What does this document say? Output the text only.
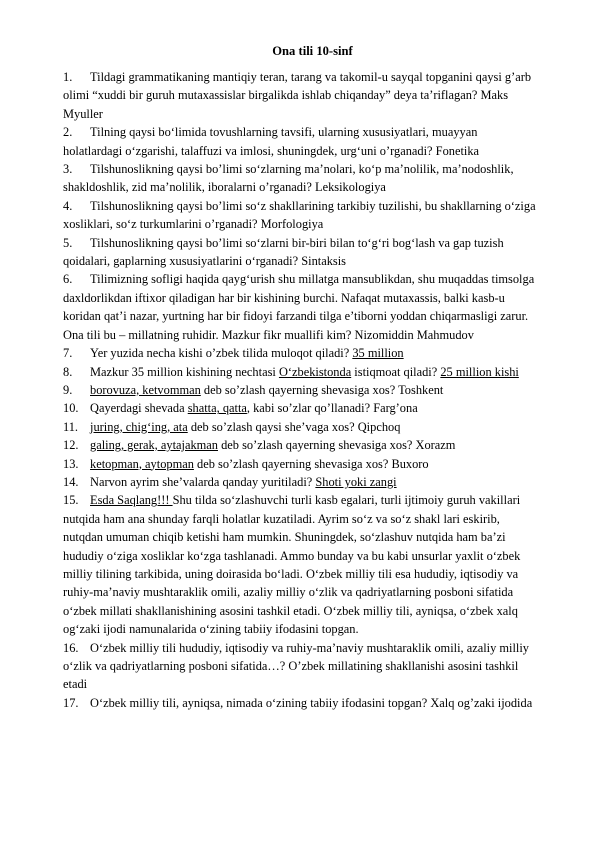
Ona tili 10-sinf
1. Tildagi grammatikaning mantiqiy teran, tarang va takomil-u sayqal topganini qaysi g’arb olimi “xuddi bir guruh mutaxassislar birgalikda ishlab chiqanday” deya ta’riflagan? Maks Myuller
2. Tilning qaysi bo‘limida tovushlarning tavsifi, ularning xususiyatlari, muayyan holatlardagi o‘zgarishi, talaffuzi va imlosi, shuningdek, urg‘uni o’rganadi? Fonetika
3. Tilshunoslikning qaysi bo’limi so‘zlarning ma’nolari, ko‘p ma’nolilik, ma’nodoshlik, shakldoshlik, zid ma’nolilik, iboralarni o’rganadi? Leksikologiya
4. Tilshunoslikning qaysi bo’limi so‘z shakllarining tarkibiy tuzilishi, bu shakllarning o‘ziga xosliklari, so‘z turkumlarini o’rganadi? Morfologiya
5. Tilshunoslikning qaysi bo’limi so‘zlarni bir-biri bilan to‘g‘ri bog‘lash va gap tuzish qoidalari, gaplarning xususiyatlarini o‘rganadi? Sintaksis
6. Tilimizning sofligi haqida qayg‘urish shu millatga mansublikdan, shu muqaddas timsolga daxldorlikdan iftixor qiladigan har bir kishining burchi. Nafaqat mutaxassis, balki kasb-u koridan qat’i nazar, yurtning har bir fidoyi farzandi tilga e’tiborni yoddan chiqarmasligi zarur. Ona tili bu – millatning ruhidir. Mazkur fikr muallifi kim? Nizomiddin Mahmudov
7. Yer yuzida necha kishi o’zbek tilida muloqot qiladi? 35 million
8. Mazkur 35 million kishining nechtasi O‘zbekistonda istiqmoat qiladi? 25 million kishi
9. borovuza, ketvomman deb so’zlash qayerning shevasiga xos? Toshkent
10. Qayerdagi shevada shatta, qatta, kabi so’zlar qo’llanadi? Farg’ona
11. juring, chig‘ing, ata deb so’zlash qaysi she’vaga xos? Qipchoq
12. galing, gerak, aytajakman deb so’zlash qayerning shevasiga xos? Xorazm
13. ketopman, aytopman deb so’zlash qayerning shevasiga xos? Buxoro
14. Narvon ayrim she’valarda qanday yuritiladi? Shoti yoki zangi
15. Esda Saqlang!!! Shu tilda so‘zlashuvchi turli kasb egalari, turli ijtimoiy guruh vakillari nutqida ham ana shunday farqli holatlar kuzatiladi. Ayrim so‘z va so‘z shakl lari eskirib, nutqdan umuman chiqib ketishi ham mumkin. Shuningdek, so‘zlashuv nutqida ham ba’zi hududiy o‘ziga xosliklar ko‘zga tashlanadi. Ammo bunday va bu kabi unsurlar yaxlit o‘zbek milliy tilining tarkibida, uning doirasida bo‘ladi. O‘zbek milliy tili esa hududiy, iqtisodiy va ruhiy-ma’naviy mushtaraklik omili, azaliy milliy o‘zlik va qadriyatlarning posboni sifatida o‘zbek millati shakllanishining asosini tashkil etadi. O‘zbek milliy tili, ayniqsa, o‘zbek xalq og‘zaki ijodi namunalarida o‘zining tabiiy ifodasini topgan.
16. O‘zbek milliy tili hududiy, iqtisodiy va ruhiy-ma’naviy mushtaraklik omili, azaliy milliy o‘zlik va qadriyatlarning posboni sifatida…? O’zbek millatining shakllanishi asosini tashkil etadi
17. O‘zbek milliy tili, ayniqsa, nimada o‘zining tabiiy ifodasini topgan? Xalq og’zaki ijodida
